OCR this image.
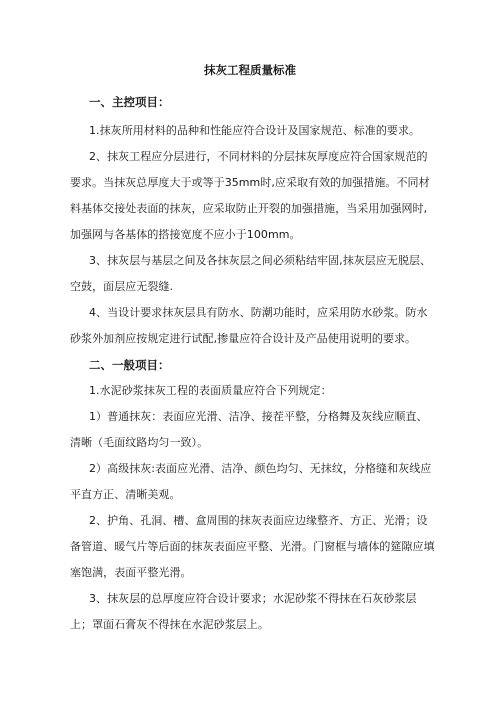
抹灰工程质量标准
一、主控项目：
1.抹灰所用材料的品种和性能应符合设计及国家规范、标准的要求。
2、抹灰工程应分层进行，不同材料的分层抹灰厚度应符合国家规范的要求。当抹灰总厚度大于或等于35mm时,应采取有效的加强措施。不同材料基体交接处表面的抹灰，应采取防止开裂的加强措施，当采用加强网时,加强网与各基体的搭接宽度不应小于100mm。
3、抹灰层与基层之间及各抹灰层之间必须粘结牢固,抹灰层应无脱层、空鼓，面层应无裂缝.
4、当设计要求抹灰层具有防水、防潮功能时，应采用防水砂浆。防水砂浆外加剂应按规定进行试配,掺量应符合设计及产品使用说明的要求。
二、一般项目：
1.水泥砂浆抹灰工程的表面质量应符合下列规定：
1）普通抹灰：表面应光滑、洁净、接茬平整，分格舞及灰线应顺直、清晰（毛面纹路均匀一致）。
2）高级抹灰:表面应光滑、洁净、颜色均匀、无抹纹，分格缝和灰线应平直方正、清晰美观。
2、护角、孔洞、槽、盒周围的抹灰表面应边缘整齐、方正、光滑；设备管道、暖气片等后面的抹灰表面应平整、光滑。门窗框与墙体的筵隙应填塞饱满，表面平整光滑。
3、抹灰层的总厚度应符合设计要求；水泥砂浆不得抹在石灰砂浆层上；罩面石膏灰不得抹在水泥砂浆层上。
